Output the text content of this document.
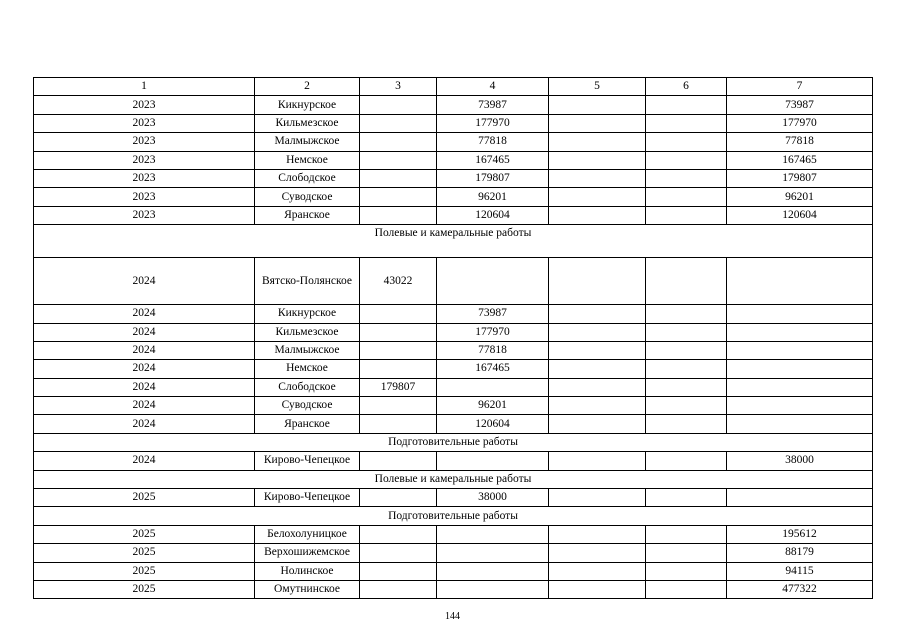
1	2	3	4	5	6	7
2023	Кикнурское		73987			73987
2023	Кильмезское		177970			177970
2023	Малмыжское		77818			77818
2023	Немское		167465			167465
2023	Слободское		179807			179807
2023	Суводское		96201			96201
2023	Яранское		120604			120604
Полевые и камеральные работы						
2024	Вятско-Полянское	43022				
2024	Кикнурское		73987			
2024	Кильмезское		177970			
2024	Малмыжское		77818			
2024	Немское		167465			
2024	Слободское	179807				
2024	Суводское		96201			
2024	Яранское		120604			
Подготовительные работы						
2024	Кирово-Чепецкое					38000
Полевые и камеральные работы						
2025	Кирово-Чепецкое		38000			
Подготовительные работы						
2025	Белохолуницкое					195612
2025	Верхошижемское					88179
2025	Нолинское					94115
2025	Омутнинское					477322
144
